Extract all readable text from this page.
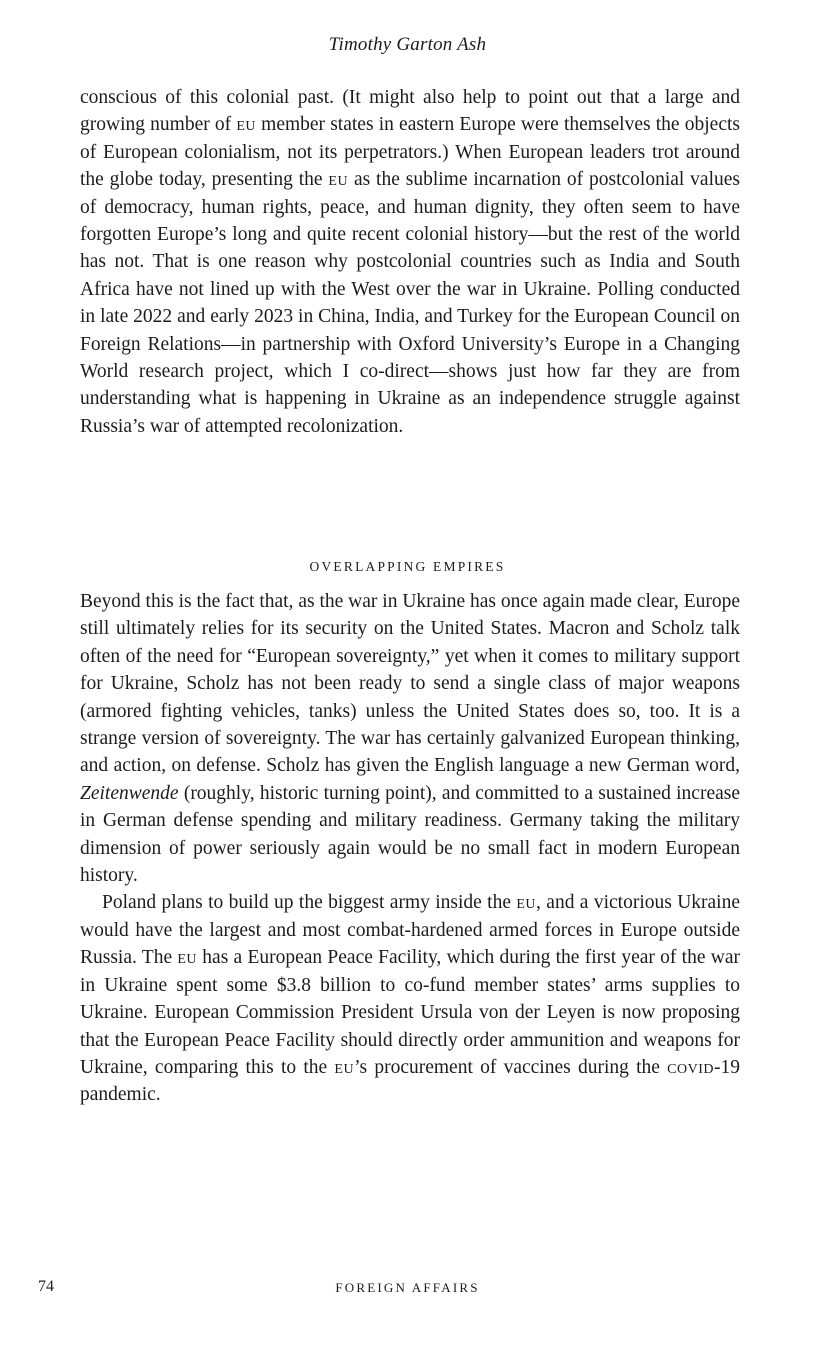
Timothy Garton Ash

conscious of this colonial past. (It might also help to point out that a large and growing number of eu member states in eastern Europe were themselves the objects of European colonialism, not its perpetrators.) When European leaders trot around the globe today, presenting the eu as the sublime incarnation of postcolonial values of democracy, human rights, peace, and human dignity, they often seem to have forgotten Europe’s long and quite recent colonial history—but the rest of the world has not. That is one reason why postcolonial countries such as India and South Africa have not lined up with the West over the war in Ukraine. Polling conducted in late 2022 and early 2023 in China, India, and Turkey for the European Council on Foreign Relations—in partnership with Oxford University’s Europe in a Changing World research project, which I co-direct—shows just how far they are from understanding what is happening in Ukraine as an independence struggle against Russia’s war of attempted recolonization.

OVERLAPPING EMPIRES

Beyond this is the fact that, as the war in Ukraine has once again made clear, Europe still ultimately relies for its security on the United States. Macron and Scholz talk often of the need for “European sovereignty,” yet when it comes to military support for Ukraine, Scholz has not been ready to send a single class of major weapons (armored fighting vehicles, tanks) unless the United States does so, too. It is a strange version of sovereignty. The war has certainly galvanized European thinking, and action, on defense. Scholz has given the English language a new German word, Zeitenwende (roughly, historic turning point), and committed to a sustained increase in German defense spending and military readiness. Germany taking the military dimension of power seriously again would be no small fact in modern European history.

Poland plans to build up the biggest army inside the eu, and a victorious Ukraine would have the largest and most combat-hardened armed forces in Europe outside Russia. The eu has a European Peace Facility, which during the first year of the war in Ukraine spent some $3.8 billion to co-fund member states’ arms supplies to Ukraine. European Commission President Ursula von der Leyen is now proposing that the European Peace Facility should directly order ammunition and weapons for Ukraine, comparing this to the eu’s procurement of vaccines during the covid-19 pandemic.

74	FOREIGN AFFAIRS
